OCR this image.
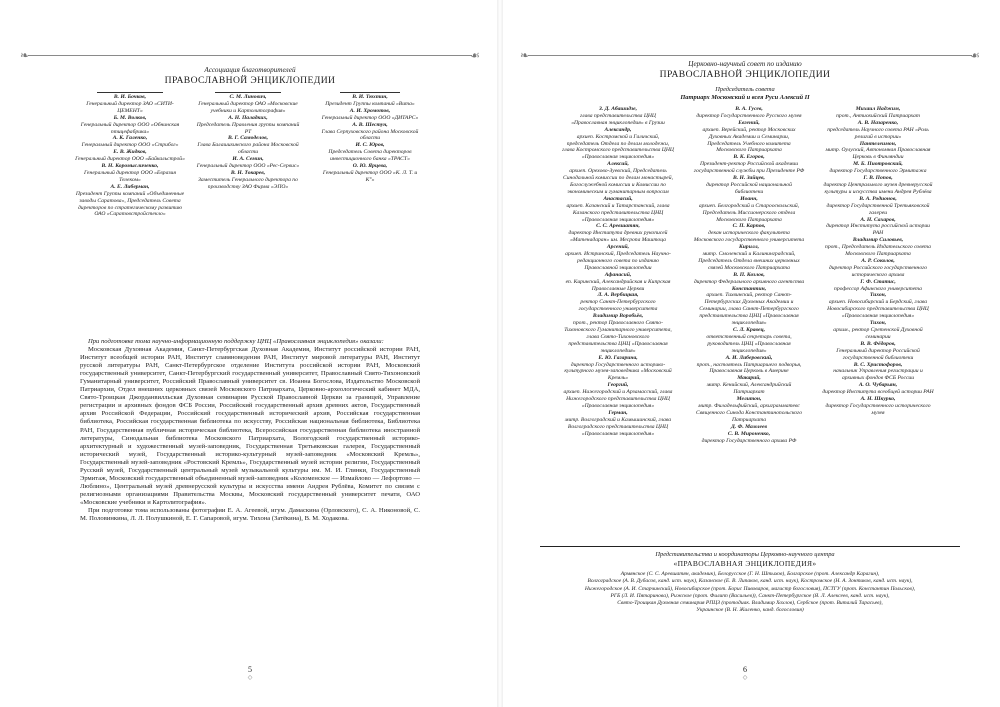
❧	☙
Ассоциация благотворителей
ПРАВОСЛАВНОЙ ЭНЦИКЛОПЕДИИ
В. И. Бочков,
Генеральный директор ЗАО «СИТИ-ЦЕМЕНТ»
Б. М. Волков,
Генеральный директор ООО «Обнинская птицефабрика»
А. К. Галенко,
Генеральный директор ООО «Стрибог»
Е. В. Жидков,
Генеральный директор ООО «Байкальстрой»
В. Н. Коромысличенко,
Генеральный директор ООО «Евразия Телеком»
А. Е. Либерман,
Президент Группы компаний «Объединенные заводы Саратова», Председатель Совета директоров по стратегическому развитию ОАО «Саратовстройстекло»
С. М. Линович,
Генеральный директор ОАО «Московские учебники и Картолитография»
А. Н. Паладких,
Председатель Правления группы компаний РТ
В. Г. Самоделов,
Глава Балашихинского района Московской области
И. А. Семин,
Генеральный директор ООО «Рес-Сервис»
В. Н. Токарев,
Заместитель Генерального директора по производству ЗАО Фирма «ЭПО»
В. И. Тюхтин,
Президент Группы компаний «Вита»
А. И. Хромотов,
Генеральный директор ООО «ДИТАРС»
А. В. Шестун,
Глава Серпуховского района Московской области
И. С. Юров,
Председатель Совета директоров инвестиционного банка «ТРАСТ»
О. Ю. Ярцева,
Генеральный директор ООО «К. Л. Т. и К°»

При подготовке тома научно-информационную поддержку ЦНЦ «Православная энциклопедия» оказали:

Московская Духовная Академия, Санкт-Петербургская Духовная Академия, Институт российской истории РАН, Институт всеобщей истории РАН, Институт славяноведения РАН, Институт мировой литературы РАН, Институт русской литературы РАН, Санкт-Петербургское отделение Института российской истории РАН, Московский государственный университет, Санкт-Петербургский государственный университет, Православный Свято-Тихоновский Гуманитарный университет, Российский Православный университет св. Иоанна Богослова, Издательство Московской Патриархии, Отдел внешних церковных связей Московского Патриархата, Церковно-археологический кабинет МДА, Свято-Троицкая Джорданвилльская Духовная семинария Русской Православной Церкви за границей, Управление регистрации и архивных фондов ФСБ России, Российский государственный архив древних актов, Государственный архив Российской Федерации, Российский государственный исторический архив, Российская государственная библиотека, Российская государственная библиотека по искусству, Российская национальная библиотека, Библиотека РАН, Государственная публичная историческая библиотека, Всероссийская государственная библиотека иностранной литературы, Синодальная библиотека Московского Патриархата, Вологодский государственный историко-архитектурный и художественный музей-заповедник, Государственная Третьяковская галерея, Государственный исторический музей, Государственный историко-культурный музей-заповедник «Московский Кремль», Государственный музей-заповедник «Ростовский Кремль», Государственный музей истории религии, Государственный Русский музей, Государственный центральный музей музыкальной культуры им. М. И. Глинки, Государственный Эрмитаж, Московский государственный объединенный музей-заповедник «Коломенское — Измайлово — Лефортово — Люблино», Центральный музей древнерусской культуры и искусства имени Андрея Рублёва, Комитет по связям с религиозными организациями Правительства Москвы, Московский государственный университет печати, ОАО «Московские учебники и Картолитография».

При подготовке тома использованы фотографии Е. А. Агеевой, игум. Дамаскина (Орловского), С. А. Никоновой, С. М. Половинкина, Л. Л. Полушкиной, Е. Г. Сапаровой, игум. Тихона (Затёкина), В. М. Ходакова.

5
◇
❧	☙
Церковно-научный совет по изданию
ПРАВОСЛАВНОЙ ЭНЦИКЛОПЕДИИ
Председатель совета
Патриарх Московский и всея Руси Алексий II
З. Д. Абашидзе,
глава представительства ЦНЦ «Православная энциклопедия» в Грузии
Александр,
архиеп. Костромской и Галичский, председатель Отдела по делам молодежи, глава Костромского представительства ЦНЦ «Православная энциклопедия»
Алексий,
архиеп. Орехово-Зуевский, Председатель Синодальной комиссии по делам монастырей, Богослужебной комиссии и Комиссии по экономическим и гуманитарным вопросам
Анастасий,
архиеп. Казанский и Татарстанский, глава Казанского представительства ЦНЦ «Православная энциклопедия»
С. С. Аревшатян,
директор Института древних рукописей «Матенадаран» им. Месропа Маштоца
Арсений,
архиеп. Истринский, Председатель Научно-редакционного совета по изданию Православной энциклопедии
Афанасий,
еп. Киринский, Александрийская и Кипрская Православные Церкви
Л. А. Вербицкая,
ректор Санкт-Петербургского государственного университета
Владимир Воробьёв,
прот., ректор Православного Свято-Тихоновского Гуманитарного университета, глава Свято-Тихоновского представительства ЦНЦ «Православная энциклопедия»
Е. Ю. Гагарина,
директор Государственного историко-культурного музея-заповедника «Московский Кремль»
Георгий,
архиеп. Нижегородский и Арзамасский, глава Нижегородского представительства ЦНЦ «Православная энциклопедия»
Герман,
митр. Волгоградский и Камышинский, глава Волгоградского представительства ЦНЦ «Православная энциклопедия»
В. А. Гусев,
директор Государственного Русского музея
Евгений,
архиеп. Верейский, ректор Московских Духовных Академии и Семинарии, Председатель Учебного комитета Московского Патриархата
В. К. Егоров,
Президент-ректор Российской академии государственной службы при Президенте РФ
В. Н. Зайцев,
директор Российской национальной библиотеки
Иоанн,
архиеп. Белгородский и Старооскольский, Председатель Миссионерского отдела Московского Патриархата
С. П. Карпов,
декан исторического факультета Московского государственного университета
Кирилл,
митр. Смоленский и Калининградский, Председатель Отдела внешних церковных связей Московского Патриархата
В. П. Козлов,
директор Федерального архивного агентства
Константин,
архиеп. Тихвинский, ректор Санкт-Петербургских Духовных Академии и Семинарии, глава Санкт-Петербургского представительства ЦНЦ «Православная энциклопедия»
С. Л. Кравец,
ответственный секретарь совета, руководитель ЦНЦ «Православная энциклопедия»
А. И. Либеровский,
прот., настоятель Патриаршего подворья, Православная Церковь в Америке
Макарий,
митр. Кенийский, Александрийский Патриархат
Мелитон,
митр. Филадельфийский, архиграмматевс Священного Синода Константинопольского Патриархата
Д. Ф. Мамлеев
С. В. Мироненко,
директор Государственного архива РФ
Михаил Наджим,
прот., Антиохийский Патриархат
А. В. Назаренко,
председатель Научного совета РАН «Роль религий в истории»
Пантелеимон,
митр. Оулуский, Автономная Православная Церковь в Финляндии
М. Б. Пиотровский,
директор Государственного Эрмитажа
Г. В. Попов,
директор Центрального музея древнерусской культуры и искусства имени Андрея Рублёва
В. А. Родионов,
директор Государственной Третьяковской галереи
А. Н. Сахаров,
директор Института российской истории РАН
Владимир Силовьев,
прот., Председатель Издательского совета Московского Патриархата
А. Р. Соколов,
директор Российского государственного исторического архива
Г. Ф. Статис,
профессор Афинского университета
Тихон,
архиеп. Новосибирский и Бердский, глава Новосибирского представительства ЦНЦ «Православная энциклопедия»
Тихон,
архим., ректор Сретенской Духовной семинарии
В. В. Фёдоров,
Генеральный директор Российской государственной библиотеки
В. С. Христофоров,
начальник Управления регистрации и архивных фондов ФСБ России
А. О. Чубарьян,
директор Института всеобщей истории РАН
А. Н. Шкурко,
директор Государственного исторического музея
Представительства и координаторы Церковно-научного центра
«ПРАВОСЛАВНАЯ ЭНЦИКЛОПЕДИЯ»
Армянское (С. С. Аревшатян, академик), Белорусское (Г. Н. Штыхов), Болгарское (прот. Александр Карагин),
Волгоградское (А. В. Дубасов, канд. ист. наук), Казанское (Е. В. Липаков, канд. ист. наук), Костромское (Н. А. Зонтиков, канд. ист. наук),
Нижегородское (А. И. Старчинский), Новосибирское (прот. Борис Пивоваров, магистр богословия), ПСТГУ (прот. Константин Польсков),
РГБ (Л. И. Пятаринова), Рижское (прот. Филипп (Васильев)), Санкт-Петербургское (Я. Л. Алексеев, канд. ист. наук),
Свято-Троицкая Духовная семинария РПЦЗ (протодиак. Владимир Хохлов), Сербское (прот. Виталий Тарасьев),
Украинское (В. Н. Жиленко, канд. богословия)
6
◇
